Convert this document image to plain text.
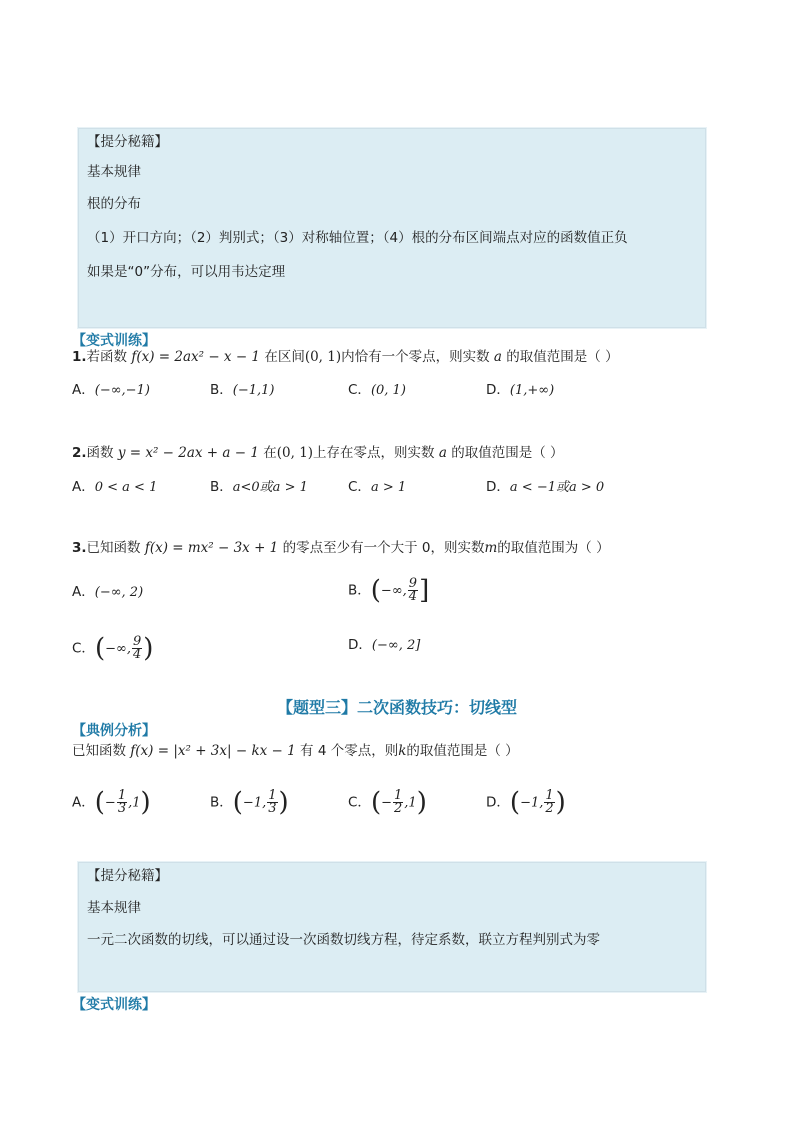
【提分秘籍】
基本规律
根的分布
（1）开口方向；（2）判别式；（3）对称轴位置；（4）根的分布区间端点对应的函数值正负
如果是“0”分布，可以用韦达定理
【变式训练】
1.若函数 f(x) = 2ax² − x − 1 在区间(0, 1)内恰有一个零点，则实数 a 的取值范围是（ ）
A．(−∞,−1)	B．(−1,1)	C．(0, 1)	D．(1,+∞)
2.函数 y = x² − 2ax + a − 1 在(0, 1)上存在零点，则实数 a 的取值范围是（ ）
A．0 < a < 1	B．a<0或a > 1	C．a > 1	D．a < −1或a > 0
3.已知函数 f(x) = mx² − 3x + 1 的零点至少有一个大于 0，则实数m的取值范围为（ ）
A．(−∞, 2)	B．(−∞, $\frac{9}{4}$ ]
C．(−∞, $\frac{9}{4}$ )	D．(−∞, 2]
【题型三】二次函数技巧：切线型
【典例分析】
已知函数 f(x) = |x² + 3x| − kx − 1 有 4 个零点，则k的取值范围是（ ）
A．(− $\frac{1}{3} ,1$)	B．(−1, $\frac{1}{3}$ )	C．(− $\frac{1}{2} ,1$)	D．(−1, $\frac{1}{2}$ )
【提分秘籍】
基本规律
一元二次函数的切线，可以通过设一次函数切线方程，待定系数，联立方程判别式为零
【变式训练】
